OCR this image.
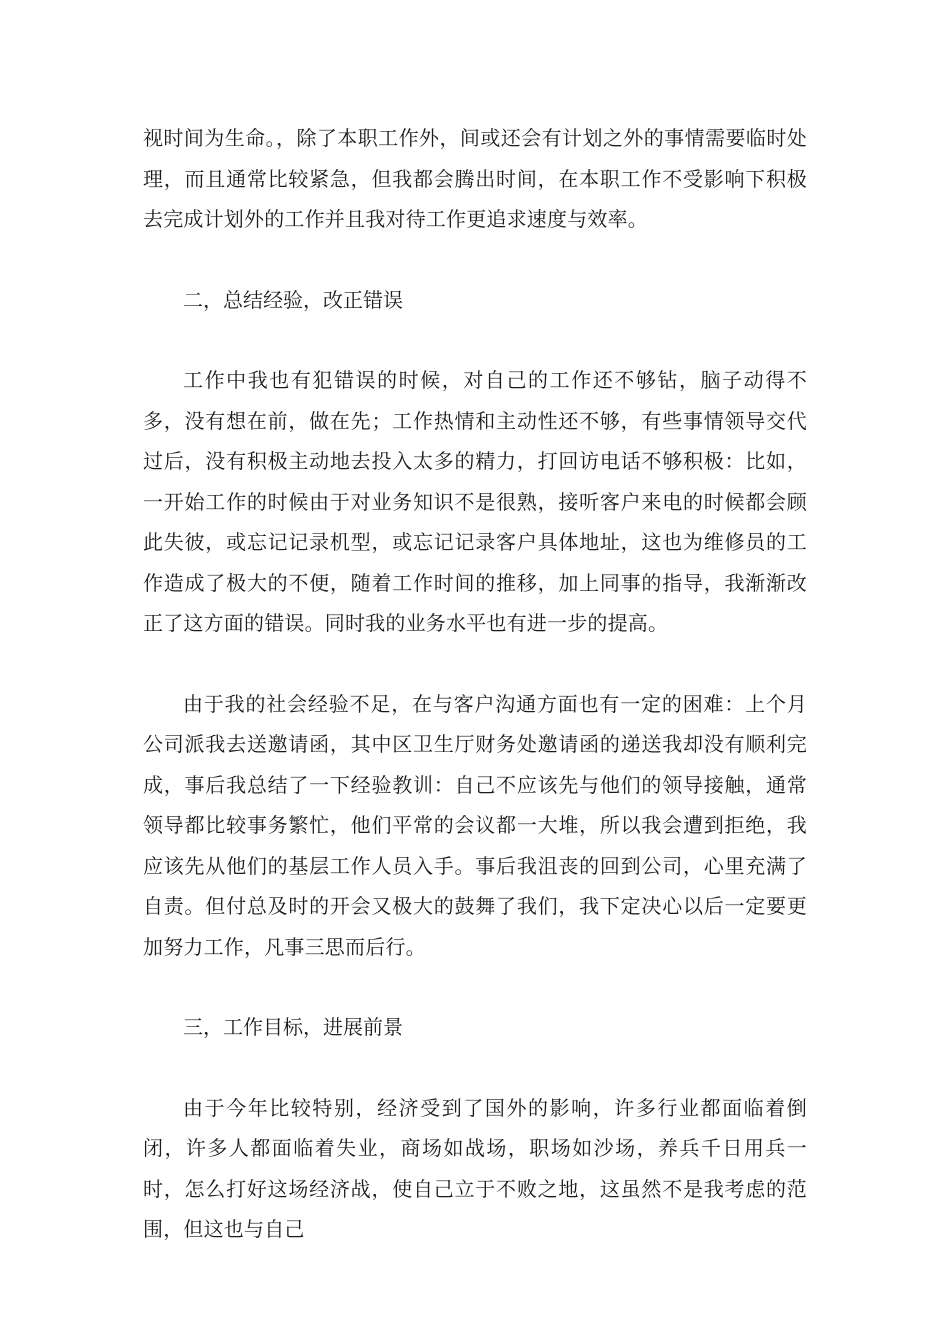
视时间为生命。，除了本职工作外，间或还会有计划之外的事情需要临时处理，而且通常比较紧急，但我都会腾出时间，在本职工作不受影响下积极去完成计划外的工作并且我对待工作更追求速度与效率。

二，总结经验，改正错误

工作中我也有犯错误的时候，对自己的工作还不够钻，脑子动得不多，没有想在前，做在先；工作热情和主动性还不够，有些事情领导交代过后，没有积极主动地去投入太多的精力，打回访电话不够积极：比如，一开始工作的时候由于对业务知识不是很熟，接听客户来电的时候都会顾此失彼，或忘记记录机型，或忘记记录客户具体地址，这也为维修员的工作造成了极大的不便，随着工作时间的推移，加上同事的指导，我渐渐改正了这方面的错误。同时我的业务水平也有进一步的提高。

由于我的社会经验不足，在与客户沟通方面也有一定的困难：上个月公司派我去送邀请函，其中区卫生厅财务处邀请函的递送我却没有顺利完成，事后我总结了一下经验教训：自己不应该先与他们的领导接触，通常领导都比较事务繁忙，他们平常的会议都一大堆，所以我会遭到拒绝，我应该先从他们的基层工作人员入手。事后我沮丧的回到公司，心里充满了自责。但付总及时的开会又极大的鼓舞了我们，我下定决心以后一定要更加努力工作，凡事三思而后行。

三，工作目标，进展前景

由于今年比较特别，经济受到了国外的影响，许多行业都面临着倒闭，许多人都面临着失业，商场如战场，职场如沙场，养兵千日用兵一时，怎么打好这场经济战，使自己立于不败之地，这虽然不是我考虑的范围，但这也与自己
